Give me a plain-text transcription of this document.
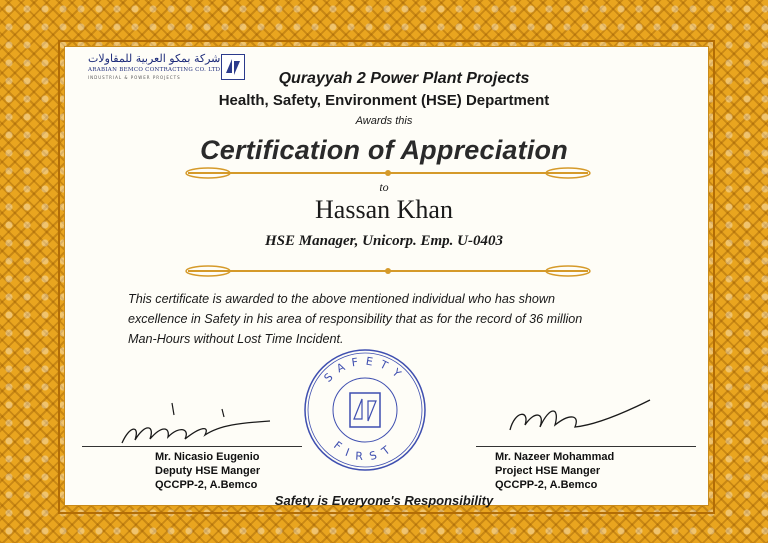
شركة بمكو العربية للمقاولات
ARABIAN BEMCO CONTRACTING CO. LTD
INDUSTRIAL & POWER PROJECTS	Qurayyah 2 Power Plant Projects
Health, Safety, Environment (HSE) Department
Awards this
Certification of Appreciation
to
Hassan Khan
HSE Manager, Unicorp. Emp. U-0403
This certificate is awarded to the above mentioned individual who has shown
excellence in Safety in his area of responsibility that as for the record of 36 million
Man-Hours without Lost Time Incident.
SAFETY
FIRST
Mr. Nicasio Eugenio
Deputy HSE Manger
QCCPP-2, A.Bemco
Mr. Nazeer Mohammad
Project HSE Manger
QCCPP-2, A.Bemco
Safety is Everyone's Responsibility
